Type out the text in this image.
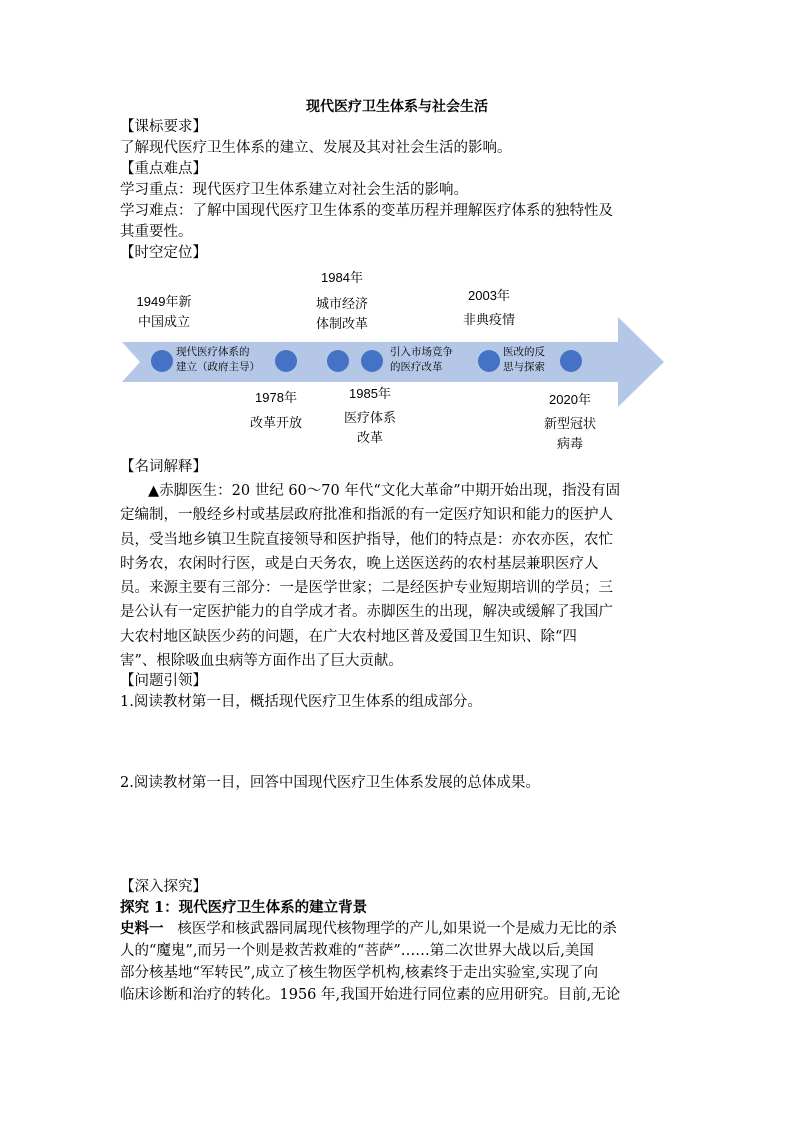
现代医疗卫生体系与社会生活
【课标要求】
了解现代医疗卫生体系的建立、发展及其对社会生活的影响。
【重点难点】
学习重点：现代医疗卫生体系建立对社会生活的影响。
学习难点：了解中国现代医疗卫生体系的变革历程并理解医疗体系的独特性及
其重要性。
【时空定位】
现代医疗体系的
建立（政府主导）
引入市场竞争
的医疗改革
医改的反
思与探索
1949年新
中国成立
1984年
城市经济
体制改革
2003年
非典疫情
1978年
改革开放
1985年
医疗体系
改革
2020年
新型冠状
病毒
【名词解释】
▲赤脚医生：20 世纪 60～70 年代“文化大革命”中期开始出现，指没有固
定编制，一般经乡村或基层政府批准和指派的有一定医疗知识和能力的医护人
员，受当地乡镇卫生院直接领导和医护指导，他们的特点是：亦农亦医，农忙
时务农，农闲时行医，或是白天务农，晚上送医送药的农村基层兼职医疗人
员。来源主要有三部分：一是医学世家；二是经医护专业短期培训的学员；三
是公认有一定医护能力的自学成才者。赤脚医生的出现，解决或缓解了我国广
大农村地区缺医少药的问题，在广大农村地区普及爱国卫生知识、除“四
害”、根除吸血虫病等方面作出了巨大贡献。
【问题引领】
1.阅读教材第一目，概括现代医疗卫生体系的组成部分。
2.阅读教材第一目，回答中国现代医疗卫生体系发展的总体成果。
【深入探究】
探究 1：现代医疗卫生体系的建立背景
史料一 核医学和核武器同属现代核物理学的产儿,如果说一个是威力无比的杀
人的“魔鬼”,而另一个则是救苦救难的“菩萨”……第二次世界大战以后,美国
部分核基地“军转民”,成立了核生物医学机构,核素终于走出实验室,实现了向
临床诊断和治疗的转化。1956 年,我国开始进行同位素的应用研究。目前,无论
